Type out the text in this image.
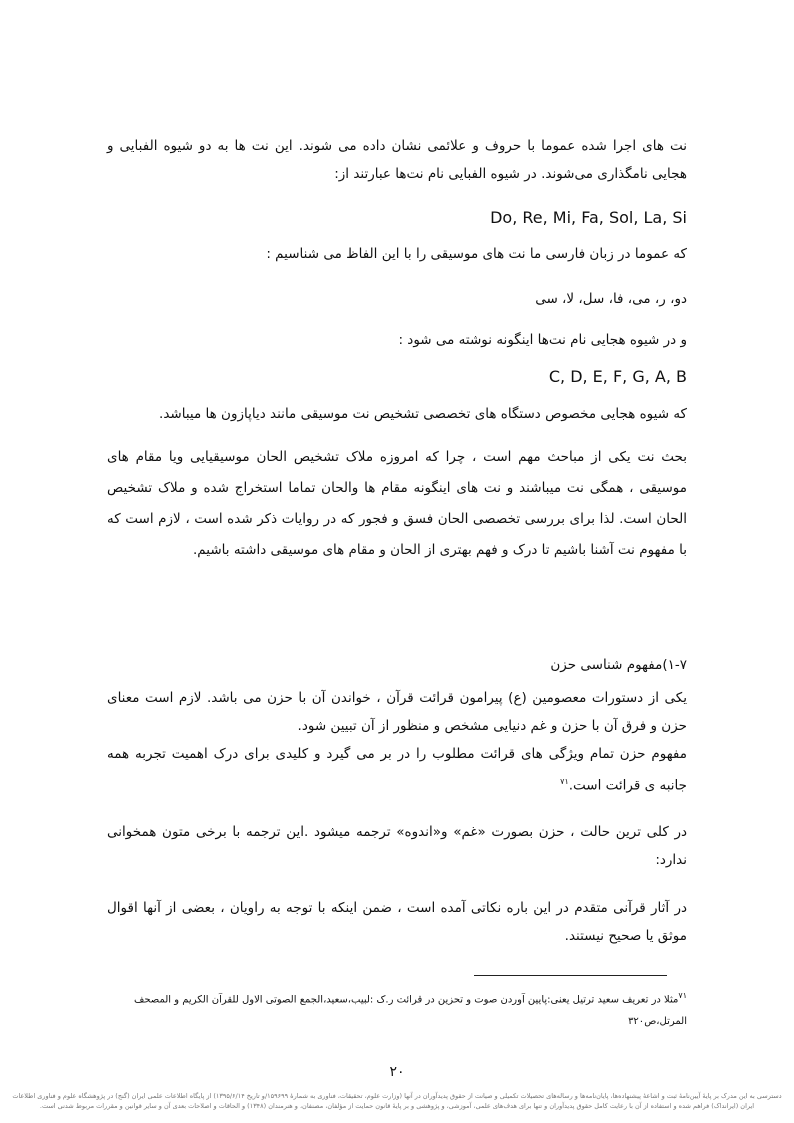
نت های اجرا شده عموما با حروف و علائمی نشان داده می شوند. این نت ها به دو شیوه الفبایی و هجایی نامگذاری می‌شوند. در شیوه الفبایی نام نت‌ها عبارتند از:
Do, Re, Mi, Fa, Sol, La, Si
که عموما در زبان فارسی ما نت های موسیقی را با این الفاظ می شناسیم :
دو، ر، می، فا، سل، لا، سی
و در شیوه هجایی نام نت‌ها اینگونه نوشته می شود :
C, D, E, F, G, A, B
که شیوه هجایی مخصوص دستگاه های تخصصی تشخیص نت موسیقی مانند دیاپازون ها میباشد.
بحث نت یکی از مباحث مهم است ، چرا که امروزه ملاک تشخیص الحان موسیقیایی ویا مقام های موسیقی ، همگی نت میباشند و نت های اینگونه مقام ها والحان تماما استخراج شده و ملاک تشخیص الحان است. لذا برای بررسی تخصصی الحان فسق و فجور که در روایات ذکر شده است ، لازم است که با مفهوم نت آشنا باشیم تا درک و فهم بهتری از الحان و مقام های موسیقی داشته باشیم.
۱-۷)مفهوم شناسی حزن
یکی از دستورات معصومین (ع) پیرامون قرائت قرآن ، خواندن آن با حزن می باشد. لازم است معنای حزن و فرق آن با حزن و غم دنیایی مشخص و منظور از آن تبیین شود.
مفهوم حزن تمام ویژگی های قرائت مطلوب را در بر می گیرد و کلیدی برای درک اهمیت تجربه همه جانبه ی قرائت است.$^{۷۱}$
در کلی ترین حالت ، حزن بصورت «غم» و«اندوه» ترجمه میشود .این ترجمه با برخی متون همخوانی ندارد:
در آثار قرآنی متقدم در این باره نکاتی آمده است ، ضمن اینکه با توجه به راویان ، بعضی از آنها اقوال موثق یا صحیح نیستند.
$^{۷۱}$مثلا در تعریف سعید ترتیل یعنی:پایین آوردن صوت و تحزین در قرائت ر.ک :لبیب،سعید،الجمع الصوتی الاول للقرآن الکریم و المصحف المرتل،ص۳۲۰
۲۰
دسترسی به این مدرک بر پایهٔ آیین‌نامهٔ ثبت و اشاعهٔ پیشنهاده‌ها، پایان‌نامه‌ها و رساله‌های تحصیلات تکمیلی و صیانت از حقوق پدیدآوران در آنها (وزارت علوم، تحقیقات، فناوری به شمارهٔ ۱۵۹۶۹۹/و تاریخ ۱۳۹۵/۶/۱۴) از پایگاه اطلاعات علمی ایران (گنج) در پژوهشگاه علوم و فناوری اطلاعات ایران (ایرانداک) فراهم شده و استفاده از آن با رعایت کامل حقوق پدیدآوران و تنها برای هدف‌های علمی، آموزشی، و پژوهشی و بر پایهٔ قانون حمایت از مؤلفان، مصنفان، و هنرمندان (۱۳۴۸) و الحاقات و اصلاحات بعدی آن و سایر قوانین و مقررات مربوط شدنی است.
